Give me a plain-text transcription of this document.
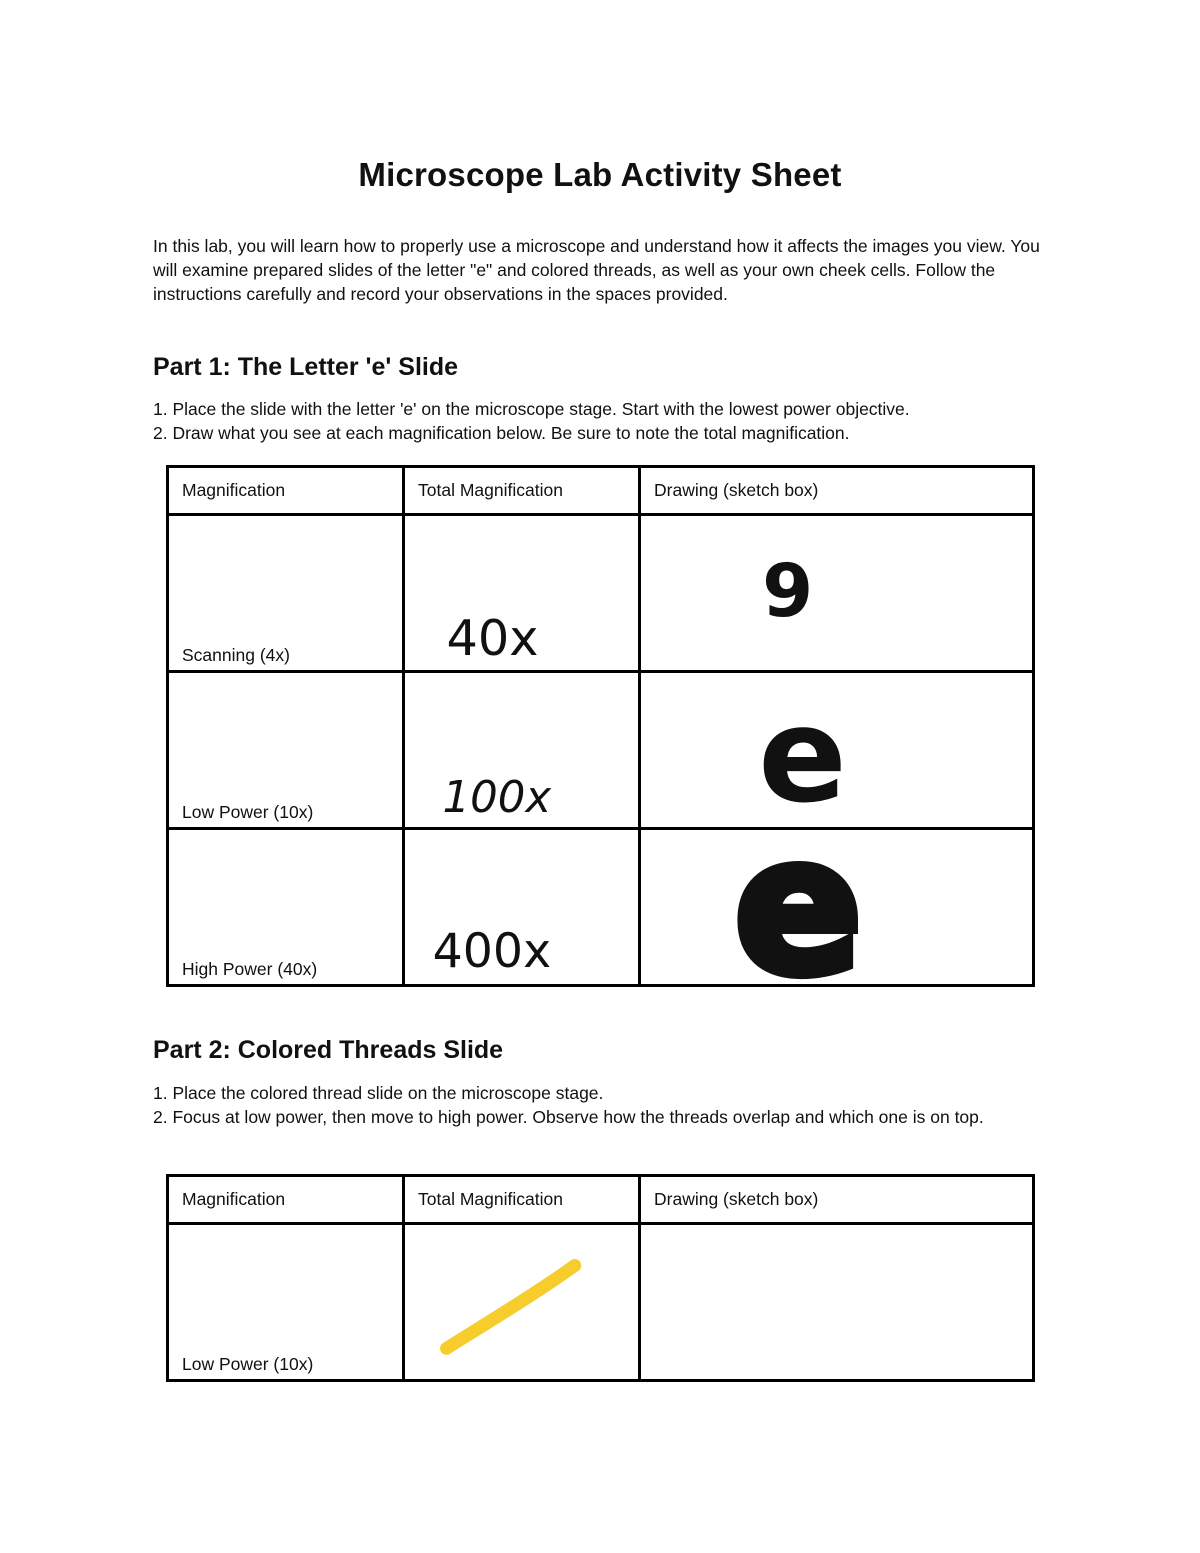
Microscope Lab Activity Sheet
In this lab, you will learn how to properly use a microscope and understand how it affects the images you view. You will examine prepared slides of the letter "e" and colored threads, as well as your own cheek cells. Follow the instructions carefully and record your observations in the spaces provided.
Part 1: The Letter 'e' Slide
1. Place the slide with the letter 'e' on the microscope stage. Start with the lowest power objective.
2. Draw what you see at each magnification below. Be sure to note the total magnification.
Magnification	Total Magnification	Drawing (sketch box)

Scanning (4x)	40x	9

Low Power (10x)	100x	e

High Power (40x)	400x	e
Part 2: Colored Threads Slide
1. Place the colored thread slide on the microscope stage.
2. Focus at low power, then move to high power. Observe how the threads overlap and which one is on top.
Magnification	Total Magnification	Drawing (sketch box)

Low Power (10x)
